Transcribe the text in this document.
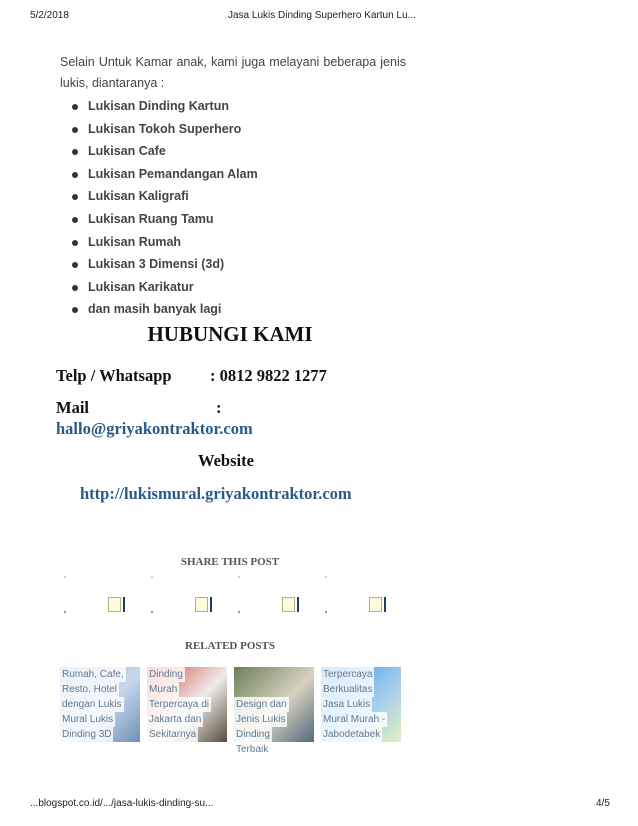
5/2/2018	Jasa Lukis Dinding Superhero Kartun Lu...
Selain Untuk Kamar anak, kami juga melayani beberapa jenis lukis, diantaranya :
Lukisan Dinding Kartun
Lukisan Tokoh Superhero
Lukisan Cafe
Lukisan Pemandangan Alam
Lukisan Kaligrafi
Lukisan Ruang Tamu
Lukisan Rumah
Lukisan 3 Dimensi (3d)
Lukisan Karikatur
dan masih banyak lagi
HUBUNGI KAMI
Telp / Whatsapp : 0812 9822 1277
Mail	:
hallo@griyakontraktor.com
Website
http://lukismural.griyakontraktor.com
SHARE THIS POST
RELATED POSTS
Rumah, Cafe,
Resto, Hotel
dengan Lukis
Mural Lukis
Dinding 3D
Dinding
Murah
Terpercaya di
Jakarta dan
Sekitarnya
Design dan
Jenis Lukis
Dinding
Terbaik
Terpercaya
Berkualitas
Jasa Lukis
Mural Murah -
Jabodetabek
...blogspot.co.id/.../jasa-lukis-dinding-su...	4/5
